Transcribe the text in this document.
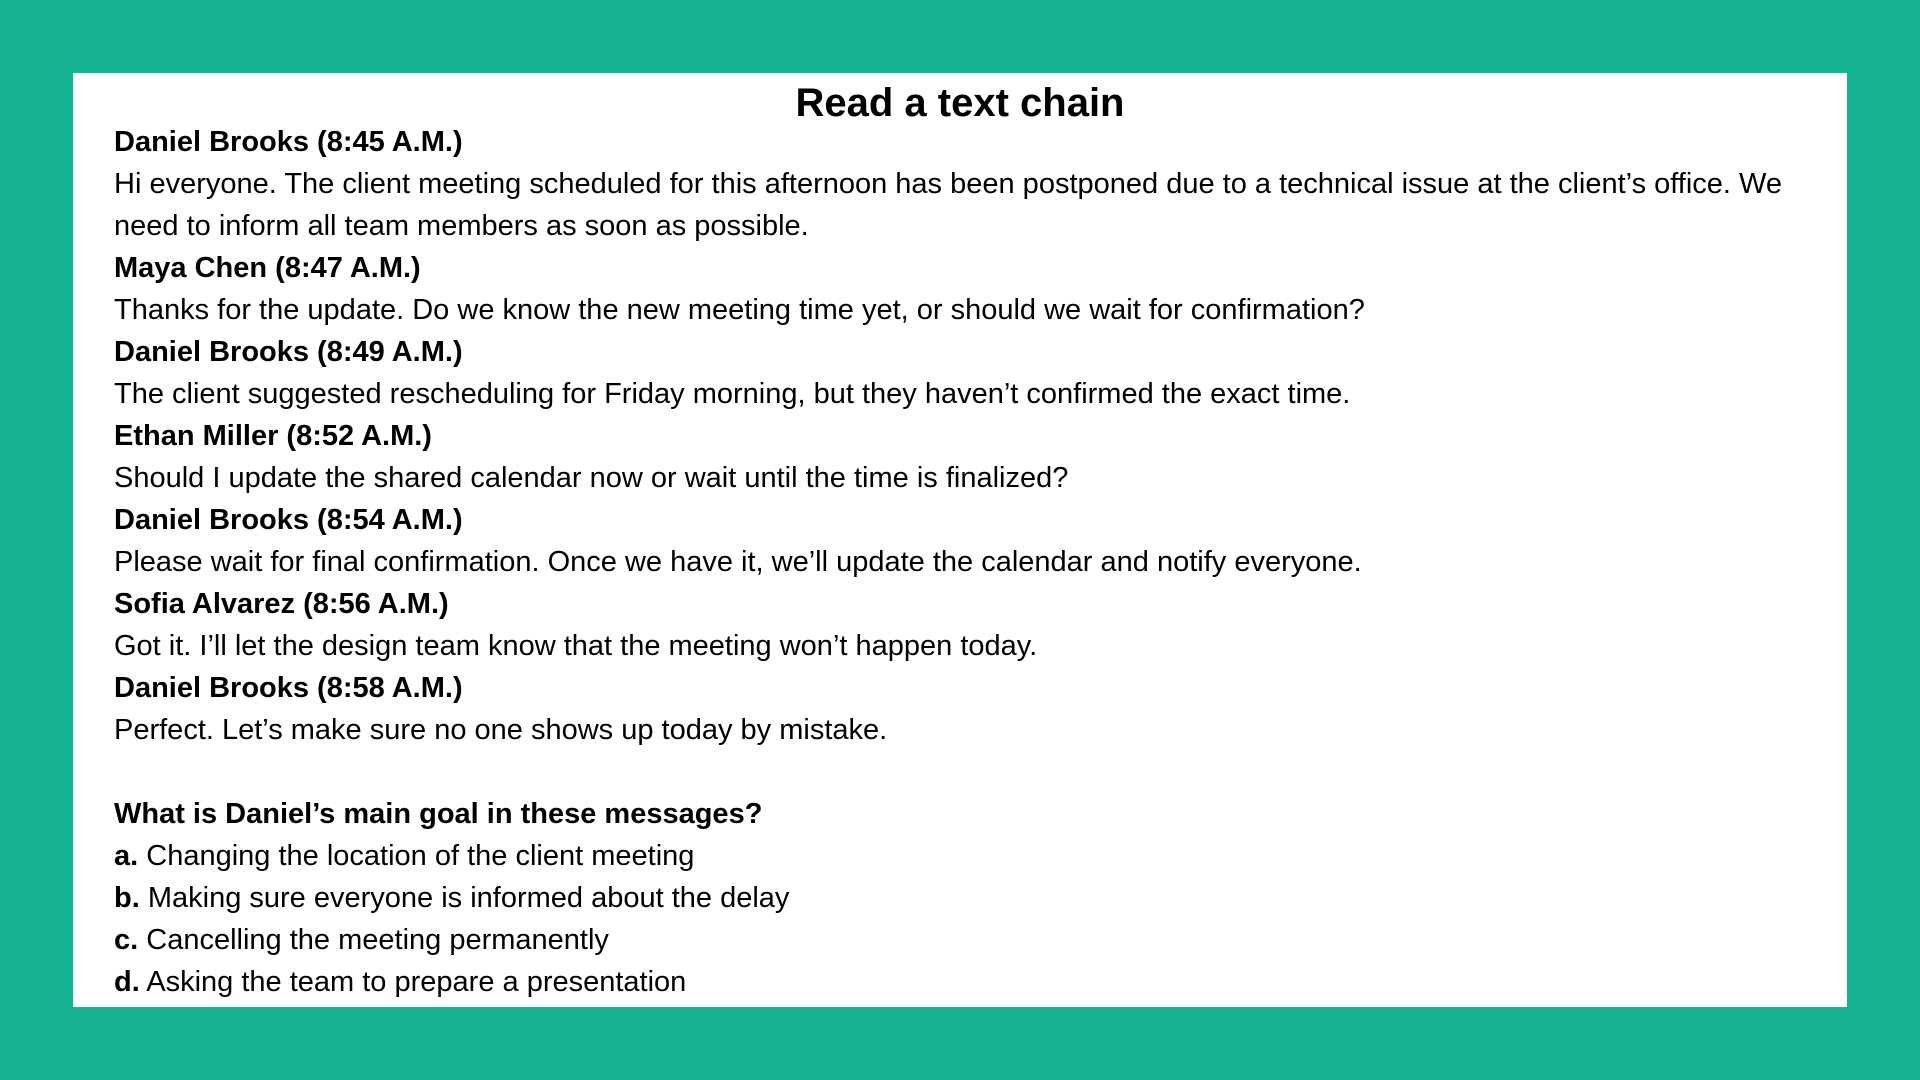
Read a text chain
Daniel Brooks (8:45 A.M.)
Hi everyone. The client meeting scheduled for this afternoon has been postponed due to a technical issue at the client’s office. We need to inform all team members as soon as possible.
Maya Chen (8:47 A.M.)
Thanks for the update. Do we know the new meeting time yet, or should we wait for confirmation?
Daniel Brooks (8:49 A.M.)
The client suggested rescheduling for Friday morning, but they haven’t confirmed the exact time.
Ethan Miller (8:52 A.M.)
Should I update the shared calendar now or wait until the time is finalized?
Daniel Brooks (8:54 A.M.)
Please wait for final confirmation. Once we have it, we’ll update the calendar and notify everyone.
Sofia Alvarez (8:56 A.M.)
Got it. I’ll let the design team know that the meeting won’t happen today.
Daniel Brooks (8:58 A.M.)
Perfect. Let’s make sure no one shows up today by mistake.
What is Daniel’s main goal in these messages?
a. Changing the location of the client meeting
b. Making sure everyone is informed about the delay
c. Cancelling the meeting permanently
d. Asking the team to prepare a presentation
